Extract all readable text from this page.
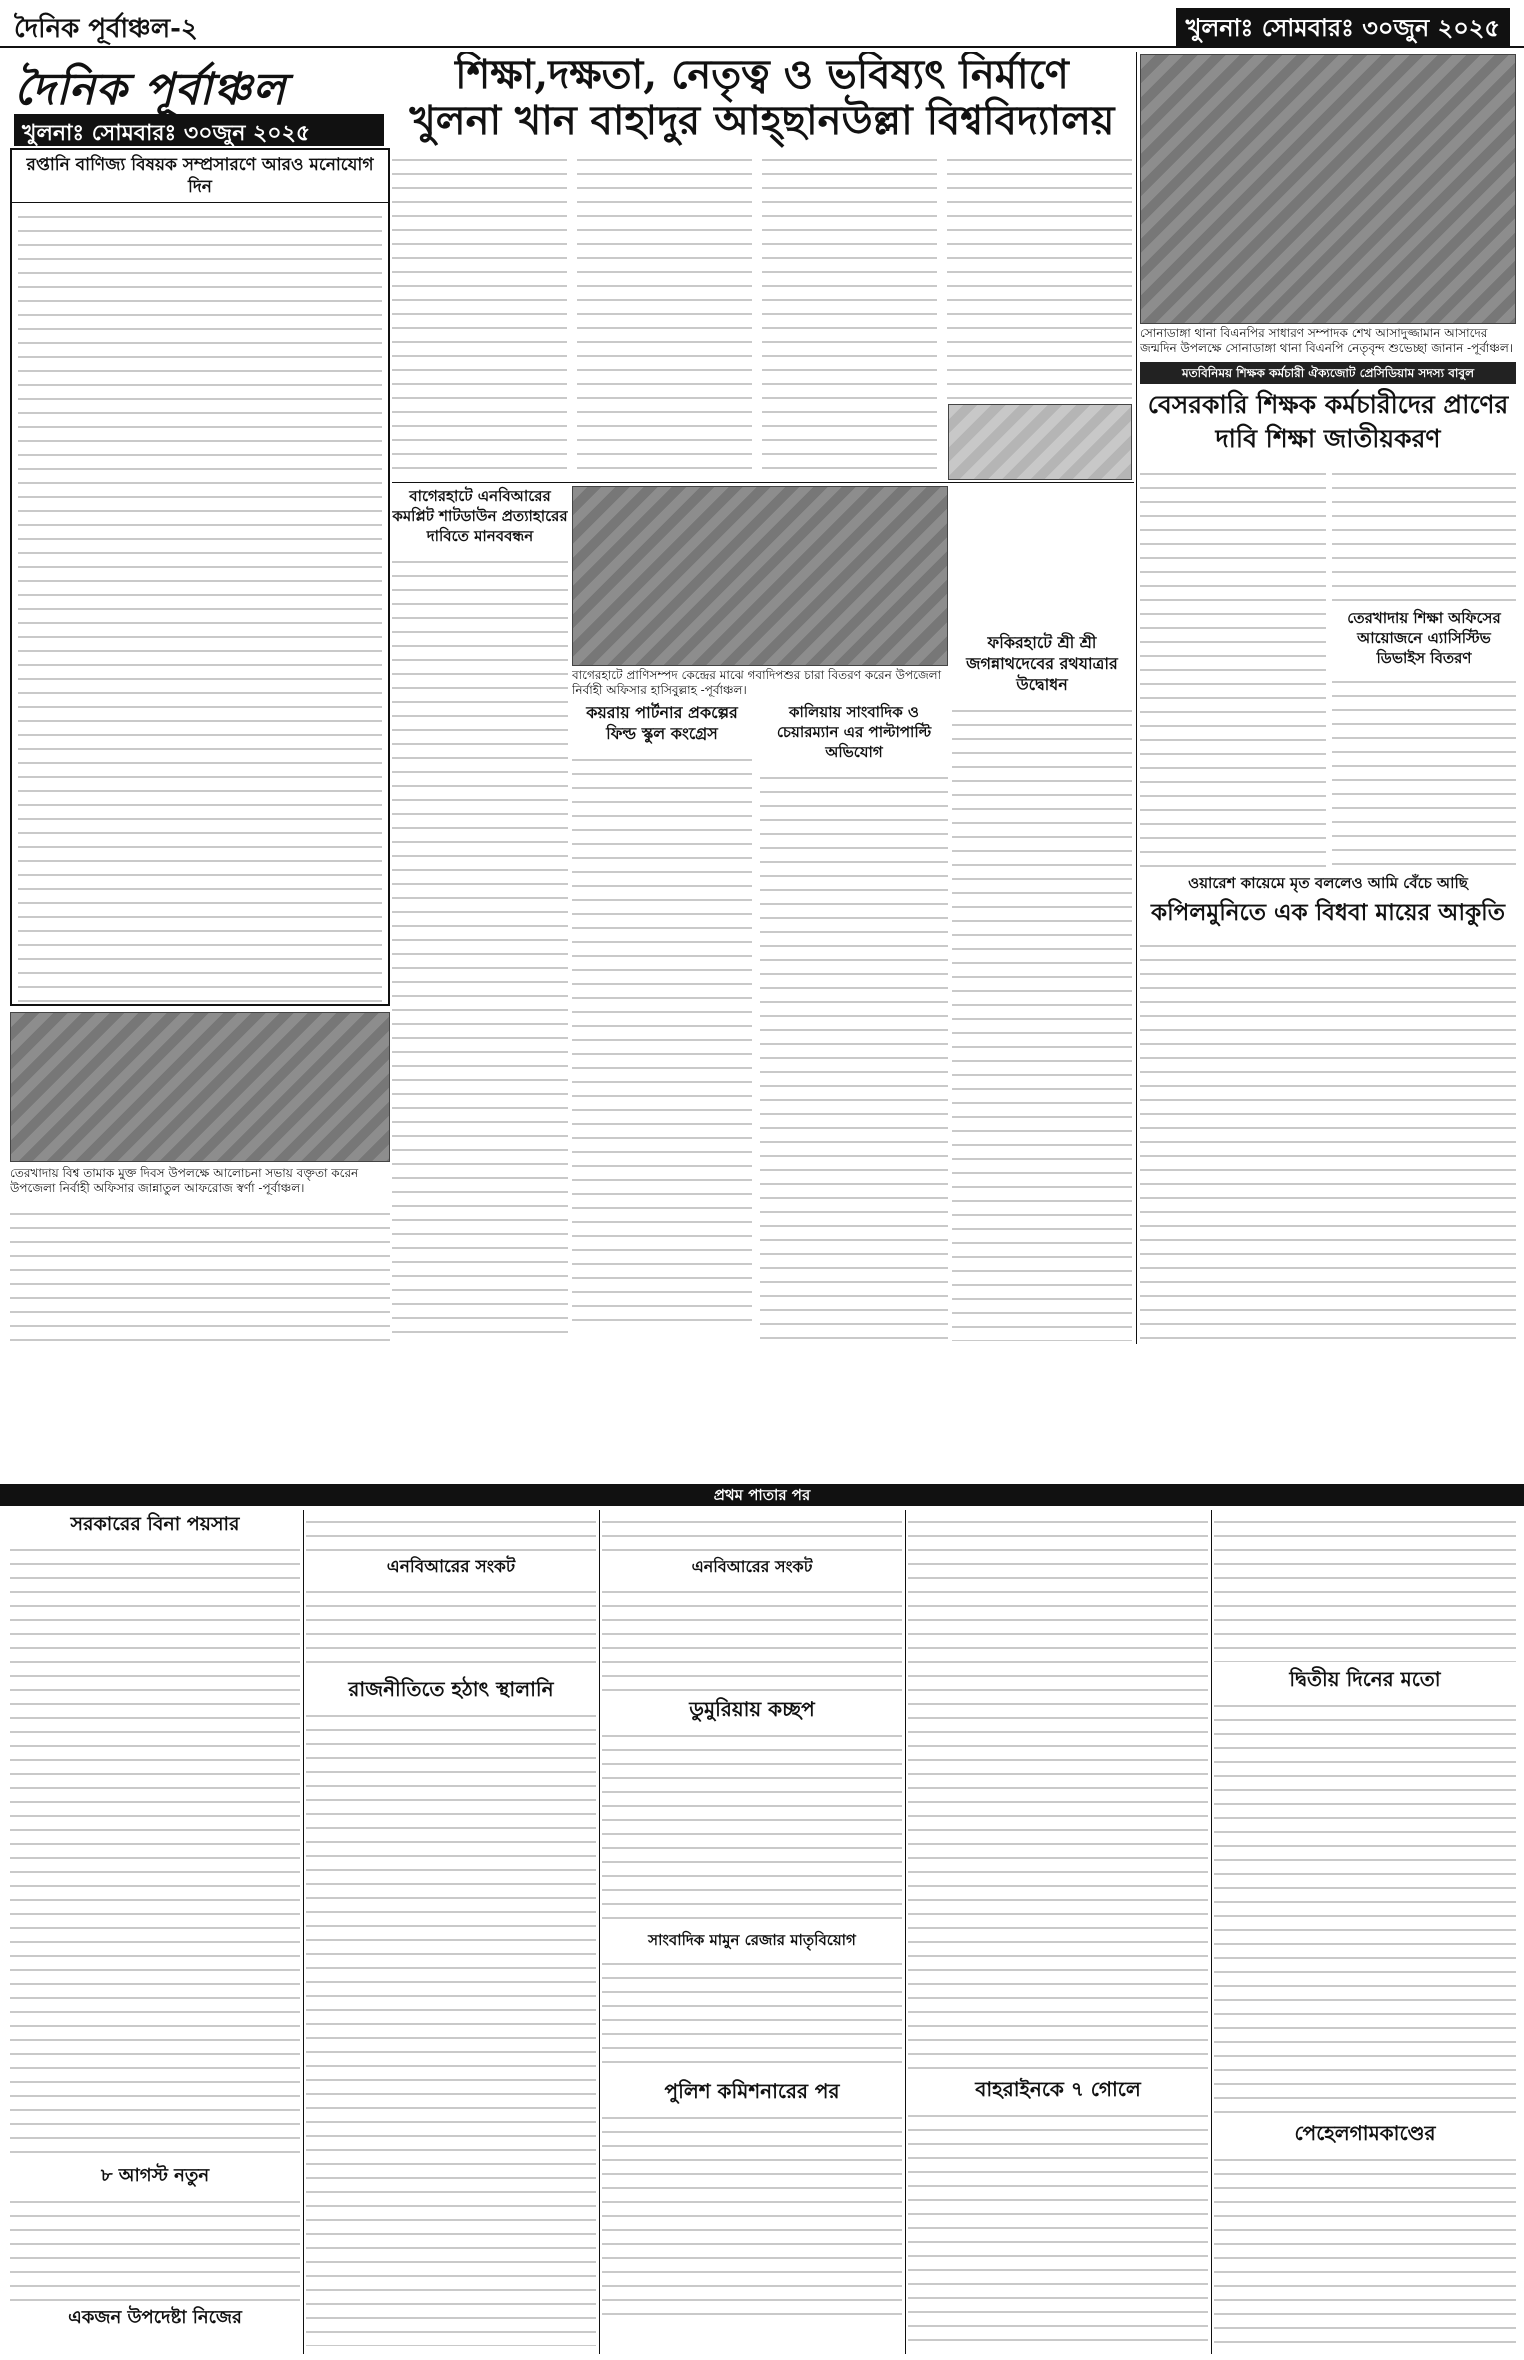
দৈনিক পূর্বাঞ্চল-২	খুলনাঃ সোমবারঃ ৩০জুন ২০২৫
দৈনিক পূর্বাঞ্চল
খুলনাঃ সোমবারঃ ৩০জুন ২০২৫
শিক্ষা,দক্ষতা, নেতৃত্ব ও ভবিষ্যৎ নির্মাণে
খুলনা খান বাহাদুর আহ্ছানউল্লা বিশ্ববিদ্যালয়
রপ্তানি বাণিজ্য বিষয়ক সম্প্রসারণে আরও মনোযোগ দিন
তেরখাদায় বিশ্ব তামাক মুক্ত দিবস উপলক্ষে আলোচনা সভায় বক্তৃতা করেন উপজেলা নির্বাহী অফিসার জান্নাতুল আফরোজ স্বর্ণা -পূর্বাঞ্চল।
বাগেরহাটে এনবিআরের কমপ্লিট শাটডাউন প্রত্যাহারের দাবিতে মানববন্ধন
বাগেরহাটে প্রাণিসম্পদ কেন্দ্রের মাঝে গবাদিপশুর চারা বিতরণ করেন উপজেলা নির্বাহী অফিসার হাসিবুল্লাহ -পূর্বাঞ্চল।
কয়রায় পার্টনার প্রকল্পের ফিল্ড স্কুল কংগ্রেস
কালিয়ায় সাংবাদিক ও চেয়ারম্যান এর পাল্টাপাল্টি অভিযোগ
ফকিরহাটে শ্রী শ্রী জগন্নাথদেবের রথযাত্রার উদ্বোধন
সোনাডাঙ্গা থানা বিএনপির সাধারণ সম্পাদক শেখ আসাদুজ্জামান আসাদের জন্মদিন উপলক্ষে সোনাডাঙ্গা থানা বিএনপি নেতৃবৃন্দ শুভেচ্ছা জানান -পূর্বাঞ্চল।
মতবিনিময় শিক্ষক কর্মচারী ঐক্যজোট প্রেসিডিয়াম সদস্য বাবুল
বেসরকারি শিক্ষক কর্মচারীদের প্রাণের দাবি শিক্ষা জাতীয়করণ
তেরখাদায় শিক্ষা অফিসের আয়োজনে এ্যাসিস্টিভ ডিভাইস বিতরণ
ওয়ারেশ কায়েমে মৃত বললেও আমি বেঁচে আছি
কপিলমুনিতে এক বিধবা মায়ের আকুতি
প্রথম পাতার পর
সরকারের বিনা পয়সার
৮ আগস্ট নতুন
একজন উপদেষ্টা নিজের
এনবিআরের সংকট
রাজনীতিতে হঠাৎ স্থালানি
এনবিআরের সংকট
ডুমুরিয়ায় কচ্ছপ
সাংবাদিক মামুন রেজার মাতৃবিয়োগ
পুলিশ কমিশনারের পর	বাহরাইনকে ৭ গোলে
দ্বিতীয় দিনের মতো
পেহেলগামকাণ্ডের
